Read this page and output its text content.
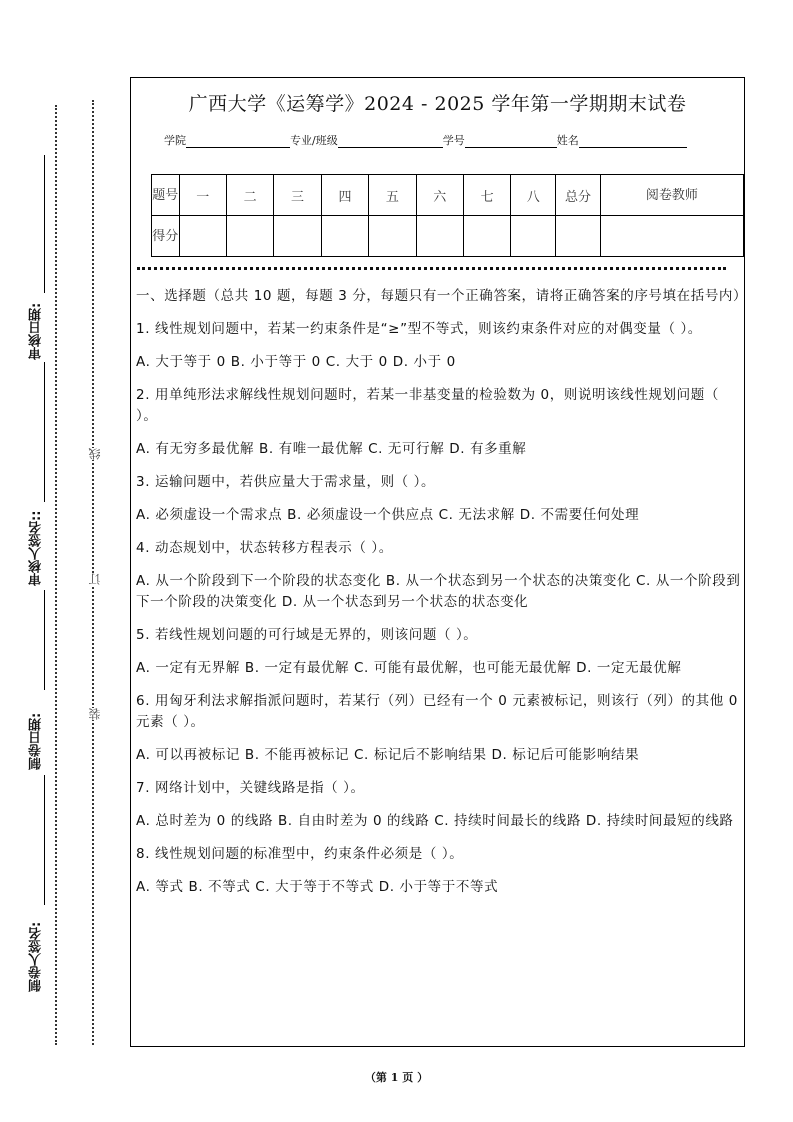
审核日期:
审核人签名::
制卷日期:
制卷人签名:
线
订
装
广西大学《运筹学》2024 - 2025 学年第一学期期末试卷
学院	专业/班级	学号	姓名
题号	一	二	三	四	五	六	七	八	总分	阅卷教师
得分										

一、选择题（总共 10 题，每题 3 分，每题只有一个正确答案，请将正确答案的序号填在括号内）

1. 线性规划问题中，若某一约束条件是“≥”型不等式，则该约束条件对应的对偶变量（ ）。

A. 大于等于 0 B. 小于等于 0 C. 大于 0 D. 小于 0

2. 用单纯形法求解线性规划问题时，若某一非基变量的检验数为 0，则说明该线性规划问题（ ）。

A. 有无穷多最优解 B. 有唯一最优解 C. 无可行解 D. 有多重解

3. 运输问题中，若供应量大于需求量，则（ ）。

A. 必须虚设一个需求点 B. 必须虚设一个供应点 C. 无法求解 D. 不需要任何处理

4. 动态规划中，状态转移方程表示（ ）。

A. 从一个阶段到下一个阶段的状态变化 B. 从一个状态到另一个状态的决策变化 C. 从一个阶段到下一个阶段的决策变化 D. 从一个状态到另一个状态的状态变化

5. 若线性规划问题的可行域是无界的，则该问题（ ）。

A. 一定有无界解 B. 一定有最优解 C. 可能有最优解，也可能无最优解 D. 一定无最优解

6. 用匈牙利法求解指派问题时，若某行（列）已经有一个 0 元素被标记，则该行（列）的其他 0 元素（ ）。

A. 可以再被标记 B. 不能再被标记 C. 标记后不影响结果 D. 标记后可能影响结果

7. 网络计划中，关键线路是指（ ）。

A. 总时差为 0 的线路 B. 自由时差为 0 的线路 C. 持续时间最长的线路 D. 持续时间最短的线路

8. 线性规划问题的标准型中，约束条件必须是（ ）。

A. 等式 B. 不等式 C. 大于等于不等式 D. 小于等于不等式

（第 1 页 ）
